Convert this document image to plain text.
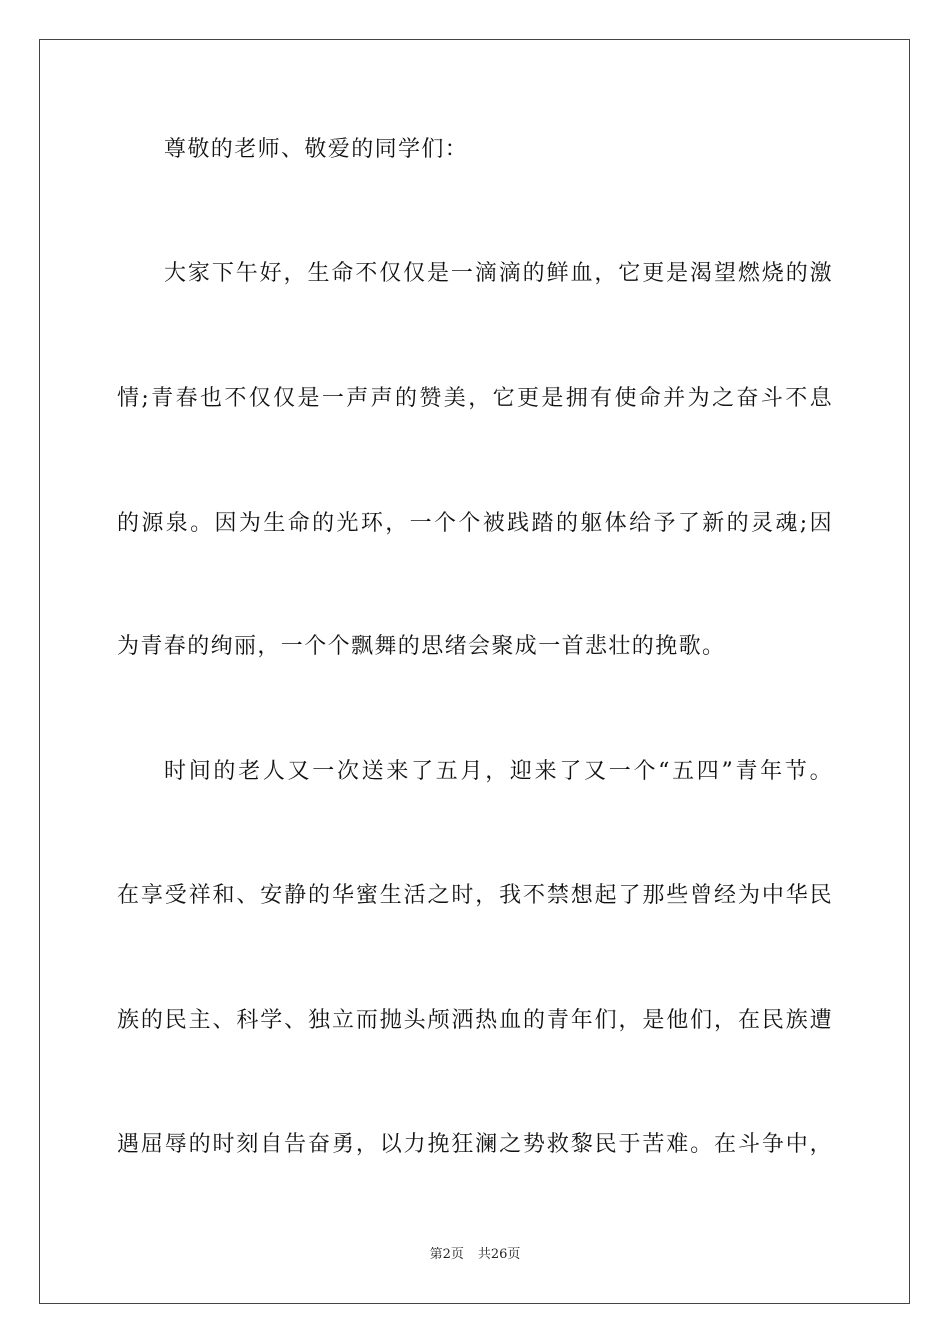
尊敬的老师、敬爱的同学们：
大家下午好，生命不仅仅是一滴滴的鲜血，它更是渴望燃烧的激
情;青春也不仅仅是一声声的赞美，它更是拥有使命并为之奋斗不息
的源泉。因为生命的光环，一个个被践踏的躯体给予了新的灵魂;因
为青春的绚丽，一个个飘舞的思绪会聚成一首悲壮的挽歌。
时间的老人又一次送来了五月，迎来了又一个“五四”青年节。
在享受祥和、安静的华蜜生活之时，我不禁想起了那些曾经为中华民
族的民主、科学、独立而抛头颅洒热血的青年们，是他们，在民族遭
遇屈辱的时刻自告奋勇，以力挽狂澜之势救黎民于苦难。在斗争中，
第2页 共26页
